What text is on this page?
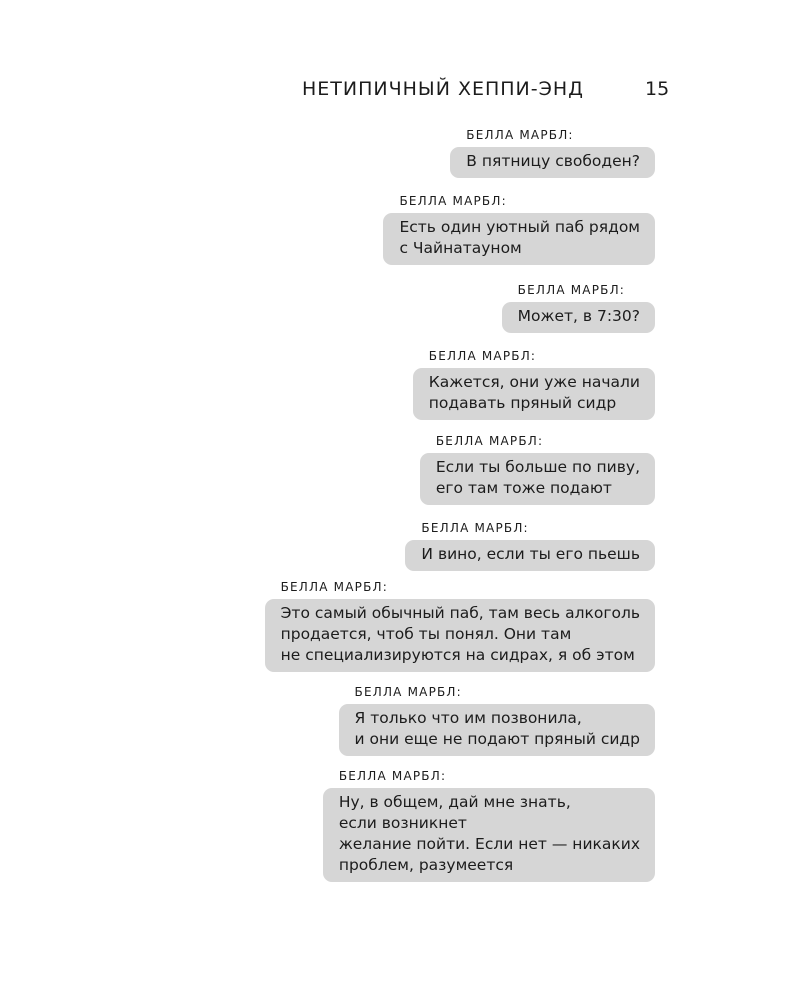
НЕТИПИЧНЫЙ ХЕППИ-ЭНД	15
БЕЛЛА МАРБЛ:
В пятницу свободен?
БЕЛЛА МАРБЛ:
Есть один уютный паб рядом
с Чайнатауном
БЕЛЛА МАРБЛ:
Может, в 7:30?
БЕЛЛА МАРБЛ:
Кажется, они уже начали
подавать пряный сидр
БЕЛЛА МАРБЛ:
Если ты больше по пиву,
его там тоже подают
БЕЛЛА МАРБЛ:
И вино, если ты его пьешь
БЕЛЛА МАРБЛ:
Это самый обычный паб, там весь алкоголь
продается, чтоб ты понял. Они там
не специализируются на сидрах, я об этом
БЕЛЛА МАРБЛ:
Я только что им позвонила,
и они еще не подают пряный сидр
БЕЛЛА МАРБЛ:
Ну, в общем, дай мне знать,
если возникнет
желание пойти. Если нет — никаких
проблем, разумеется
